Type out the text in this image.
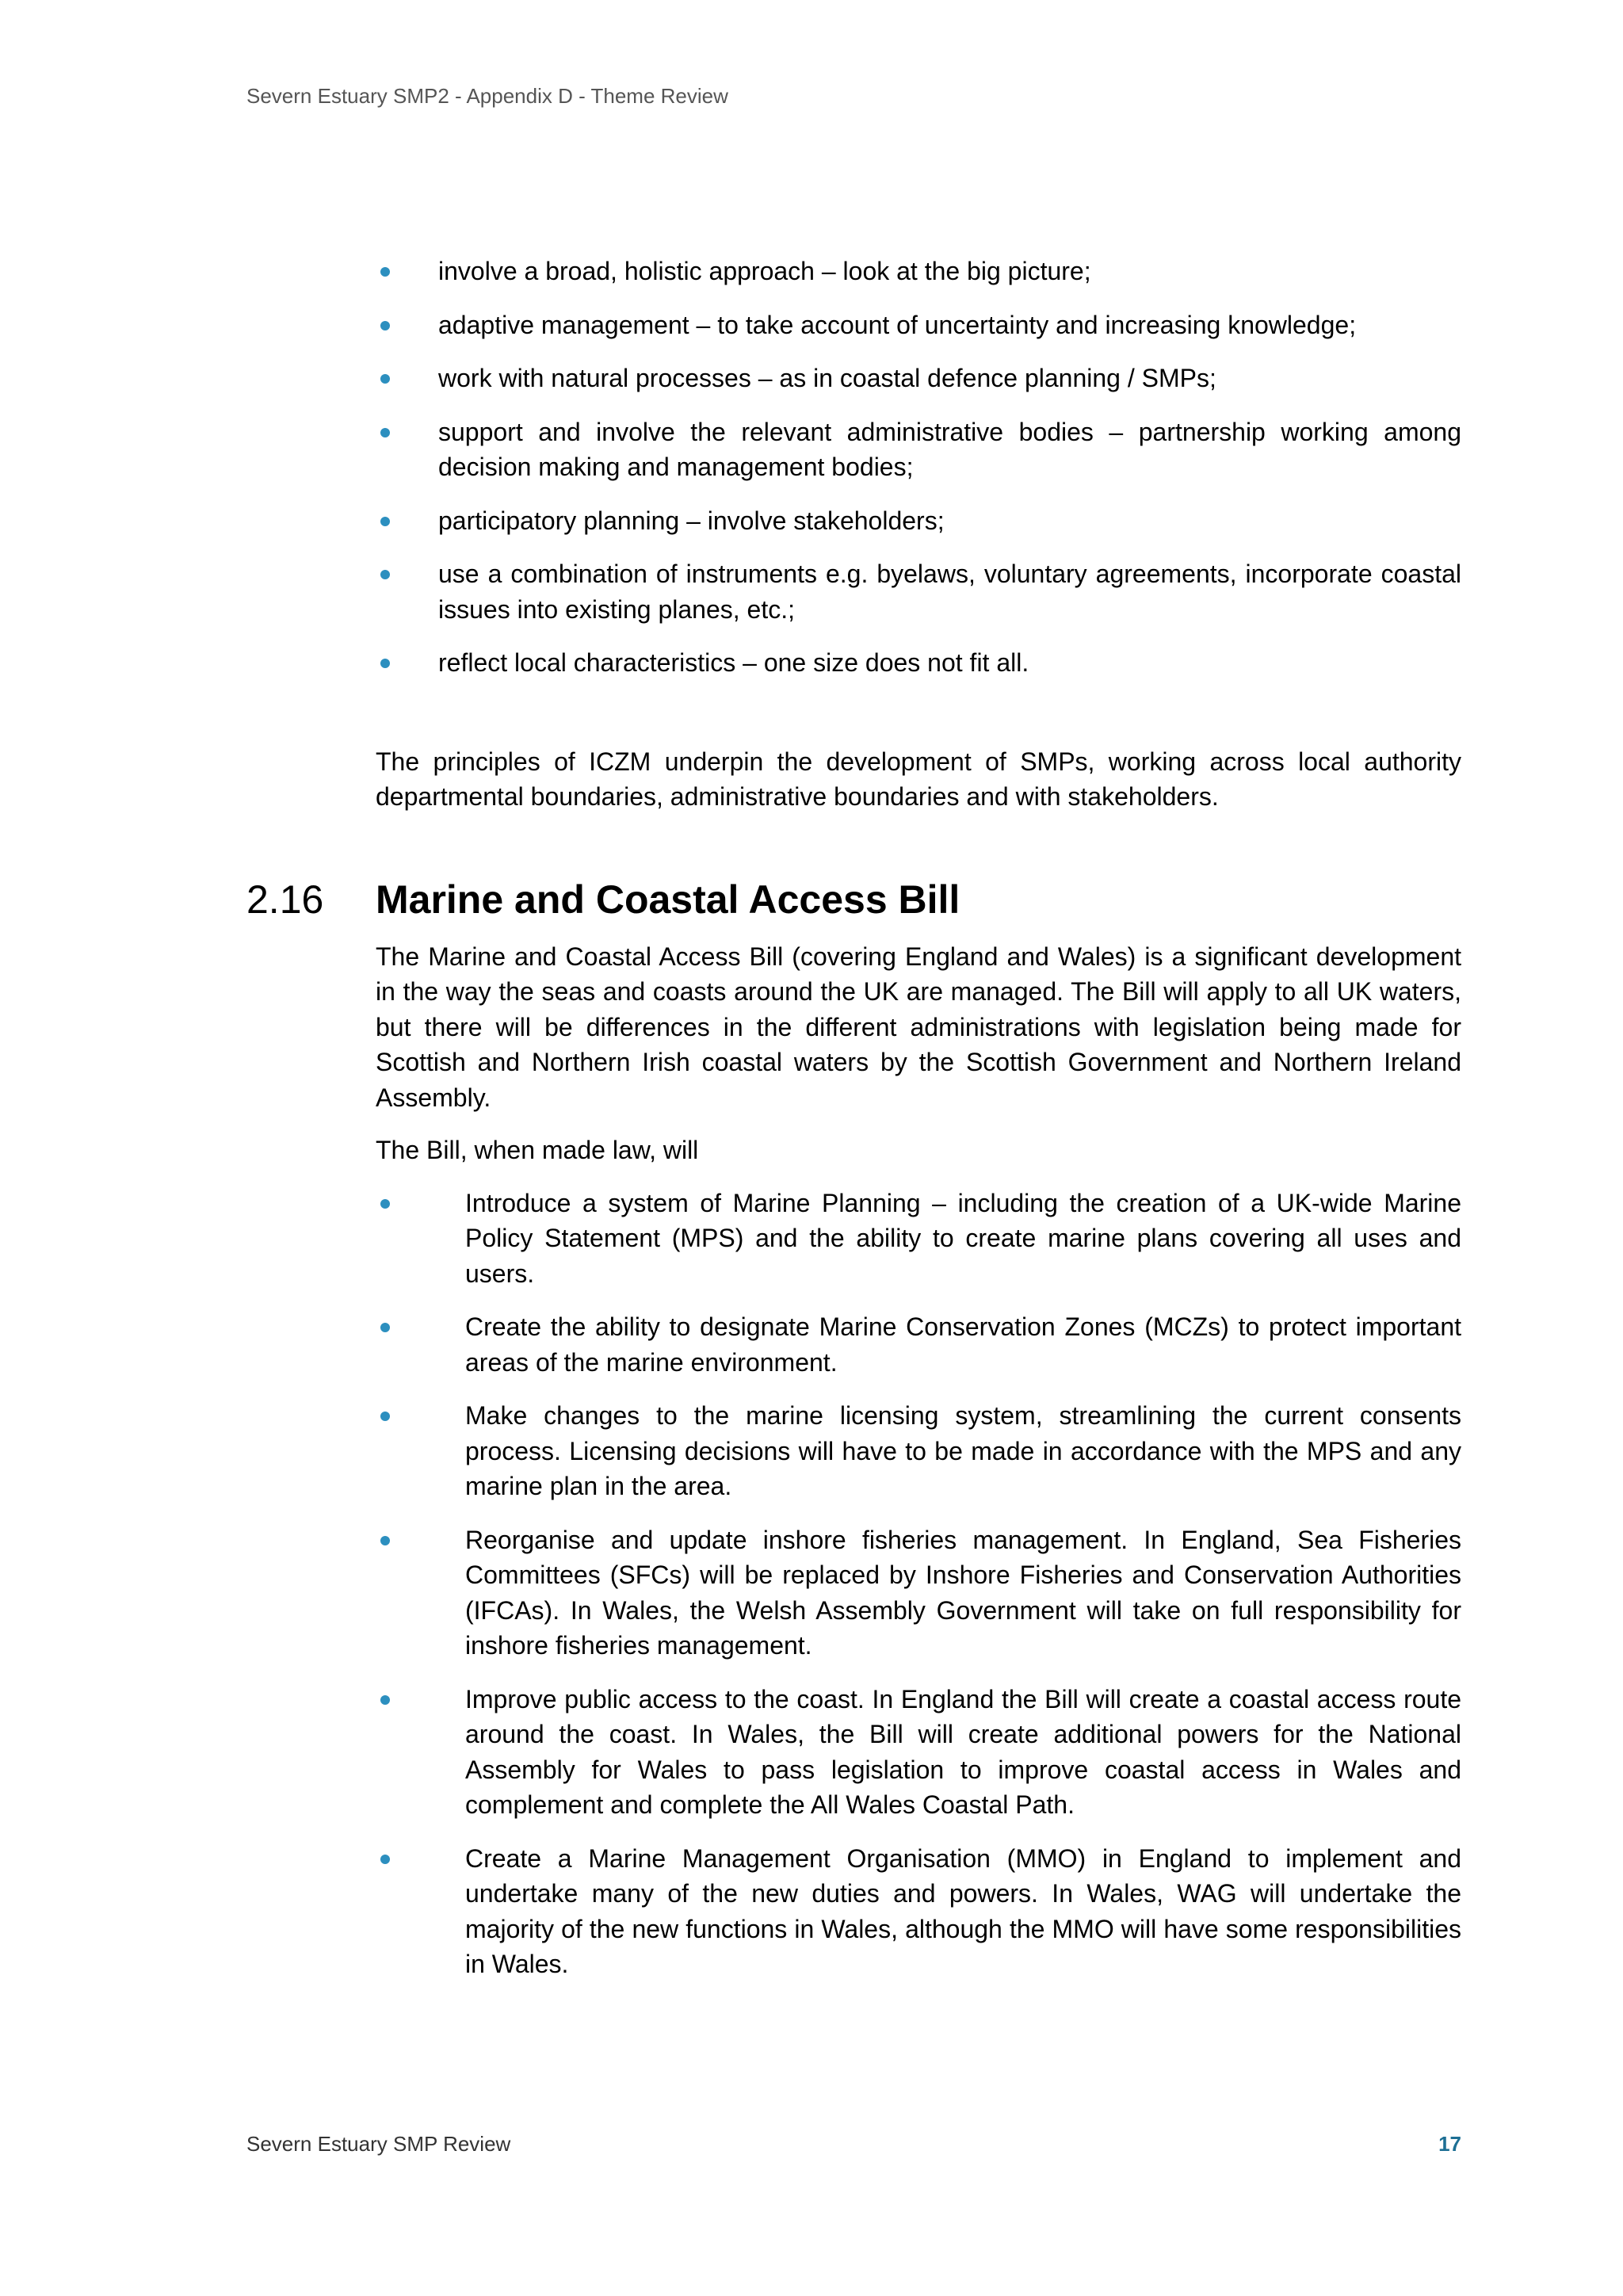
Severn Estuary SMP2 - Appendix D - Theme Review
involve a broad, holistic approach – look at the big picture;
adaptive management – to take account of uncertainty and increasing knowledge;
work with natural processes – as in coastal defence planning / SMPs;
support and involve the relevant administrative bodies – partnership working among decision making and management bodies;
participatory planning – involve stakeholders;
use a combination of instruments e.g. byelaws, voluntary agreements, incorporate coastal issues into existing planes, etc.;
reflect local characteristics – one size does not fit all.

The principles of ICZM underpin the development of SMPs, working across local authority departmental boundaries, administrative boundaries and with stakeholders.

2.16 Marine and Coastal Access Bill

The Marine and Coastal Access Bill (covering England and Wales) is a significant development in the way the seas and coasts around the UK are managed. The Bill will apply to all UK waters, but there will be differences in the different administrations with legislation being made for Scottish and Northern Irish coastal waters by the Scottish Government and Northern Ireland Assembly.

The Bill, when made law, will

Introduce a system of Marine Planning – including the creation of a UK-wide Marine Policy Statement (MPS) and the ability to create marine plans covering all uses and users.
Create the ability to designate Marine Conservation Zones (MCZs) to protect important areas of the marine environment.
Make changes to the marine licensing system, streamlining the current consents process. Licensing decisions will have to be made in accordance with the MPS and any marine plan in the area.
Reorganise and update inshore fisheries management. In England, Sea Fisheries Committees (SFCs) will be replaced by Inshore Fisheries and Conservation Authorities (IFCAs). In Wales, the Welsh Assembly Government will take on full responsibility for inshore fisheries management.
Improve public access to the coast. In England the Bill will create a coastal access route around the coast. In Wales, the Bill will create additional powers for the National Assembly for Wales to pass legislation to improve coastal access in Wales and complement and complete the All Wales Coastal Path.
Create a Marine Management Organisation (MMO) in England to implement and undertake many of the new duties and powers. In Wales, WAG will undertake the majority of the new functions in Wales, although the MMO will have some responsibilities in Wales.
Severn Estuary SMP Review	17
